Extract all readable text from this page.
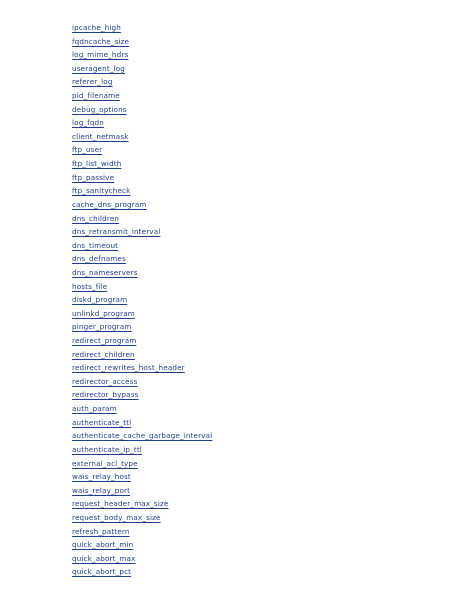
ipcache_high
fqdncache_size
log_mime_hdrs
useragent_log
referer_log
pid_filename
debug_options
log_fqdn
client_netmask
ftp_user
ftp_list_width
ftp_passive
ftp_sanitycheck
cache_dns_program
dns_children
dns_retransmit_interval
dns_timeout
dns_defnames
dns_nameservers
hosts_file
diskd_program
unlinkd_program
pinger_program
redirect_program
redirect_children
redirect_rewrites_host_header
redirector_access
redirector_bypass
auth_param
authenticate_ttl
authenticate_cache_garbage_interval
authenticate_ip_ttl
external_acl_type
wais_relay_host
wais_relay_port
request_header_max_size
request_body_max_size
refresh_pattern
quick_abort_min
quick_abort_max
quick_abort_pct
